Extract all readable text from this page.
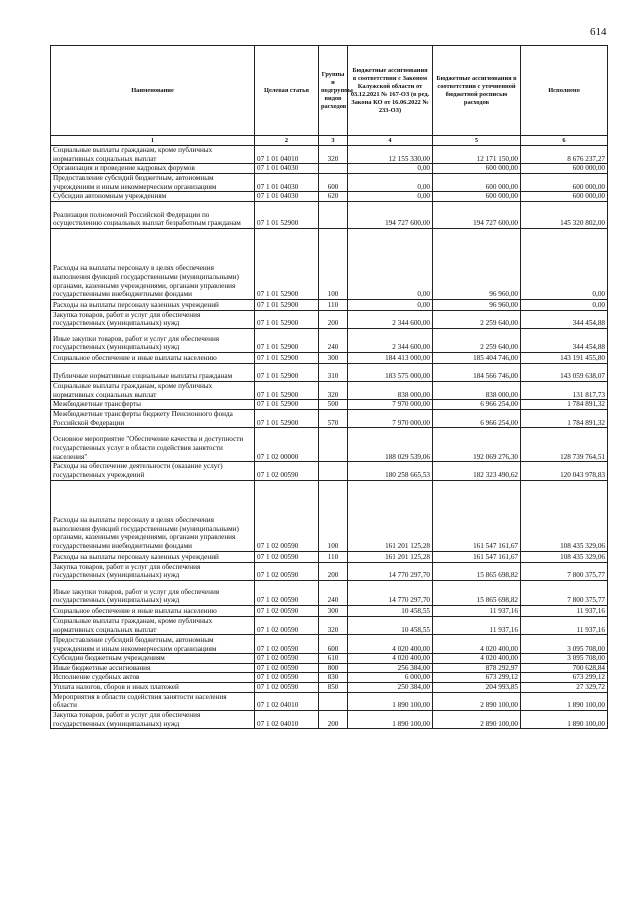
614
Наименование	Целевая статья	Группы и подгруппы видов расходов	Бюджетные ассигнования в соответствии с Законом Калужской области от 03.12.2021 № 167-ОЗ (в ред. Закона КО от 16.06.2022 № 233-ОЗ)	Бюджетные ассигнования в соответствии с уточненной бюджетной росписью расходов	Исполнено
1	2	3	4	5	6
Социальные выплаты гражданам, кроме публичных нормативных социальных выплат	07 1 01 04010	320	12 155 330,00	12 171 150,00	8 676 237,27
Организация и проведение кадровых форумов	07 1 01 04030		0,00	600 000,00	600 000,00
Предоставление субсидий бюджетным, автономным учреждениям и иным некоммерческим организациям	07 1 01 04030	600	0,00	600 000,00	600 000,00
Субсидии автономным учреждениям	07 1 01 04030	620	0,00	600 000,00	600 000,00
Реализация полномочий Российской Федерации по осуществлению социальных выплат безработным гражданам	07 1 01 52900		194 727 600,00	194 727 600,00	145 320 802,00
Расходы на выплаты персоналу в целях обеспечения выполнения функций государственными (муниципальными) органами, казенными учреждениями, органами управления государственными внебюджетными фондами	07 1 01 52900	100	0,00	96 960,00	0,00
Расходы на выплаты персоналу казенных учреждений	07 1 01 52900	110	0,00	96 960,00	0,00
Закупка товаров, работ и услуг для обеспечения государственных (муниципальных) нужд	07 1 01 52900	200	2 344 600,00	2 259 640,00	344 454,88
Иные закупки товаров, работ и услуг для обеспечения государственных (муниципальных) нужд	07 1 01 52900	240	2 344 600,00	2 259 640,00	344 454,88
Социальное обеспечение и иные выплаты населению	07 1 01 52900	300	184 413 000,00	185 404 746,00	143 191 455,80
Публичные нормативные социальные выплаты гражданам	07 1 01 52900	310	183 575 000,00	184 566 746,00	143 059 638,07
Социальные выплаты гражданам, кроме публичных нормативных социальных выплат	07 1 01 52900	320	838 000,00	838 000,00	131 817,73
Межбюджетные трансферты	07 1 01 52900	500	7 970 000,00	6 966 254,00	1 784 891,32
Межбюджетные трансферты бюджету Пенсионного фонда Российской Федерации	07 1 01 52900	570	7 970 000,00	6 966 254,00	1 784 891,32
Основное мероприятие "Обеспечение качества и доступности государственных услуг в области содействия занятости населения"	07 1 02 00000		188 029 539,06	192 069 276,30	128 739 764,51
Расходы на обеспечение деятельности (оказание услуг) государственных учреждений	07 1 02 00590		180 258 665,53	182 323 490,62	120 043 978,83
Расходы на выплаты персоналу в целях обеспечения выполнения функций государственными (муниципальными) органами, казенными учреждениями, органами управления государственными внебюджетными фондами	07 1 02 00590	100	161 201 125,28	161 547 161,67	108 435 329,06
Расходы на выплаты персоналу казенных учреждений	07 1 02 00590	110	161 201 125,28	161 547 161,67	108 435 329,06
Закупка товаров, работ и услуг для обеспечения государственных (муниципальных) нужд	07 1 02 00590	200	14 770 297,70	15 865 698,82	7 800 375,77
Иные закупки товаров, работ и услуг для обеспечения государственных (муниципальных) нужд	07 1 02 00590	240	14 770 297,70	15 865 698,82	7 800 375,77
Социальное обеспечение и иные выплаты населению	07 1 02 00590	300	10 458,55	11 937,16	11 937,16
Социальные выплаты гражданам, кроме публичных нормативных социальных выплат	07 1 02 00590	320	10 458,55	11 937,16	11 937,16
Предоставление субсидий бюджетным, автономным учреждениям и иным некоммерческим организациям	07 1 02 00590	600	4 020 400,00	4 020 400,00	3 095 708,00
Субсидии бюджетным учреждениям	07 1 02 00590	610	4 020 400,00	4 020 400,00	3 095 708,00
Иные бюджетные ассигнования	07 1 02 00590	800	256 384,00	878 292,97	700 628,84
Исполнение судебных актов	07 1 02 00590	830	6 000,00	673 299,12	673 299,12
Уплата налогов, сборов и иных платежей	07 1 02 00590	850	250 384,00	204 993,85	27 329,72
Мероприятия в области содействия занятости населения области	07 1 02 04010		1 890 100,00	2 890 100,00	1 890 100,00
Закупка товаров, работ и услуг для обеспечения государственных (муниципальных) нужд	07 1 02 04010	200	1 890 100,00	2 890 100,00	1 890 100,00
